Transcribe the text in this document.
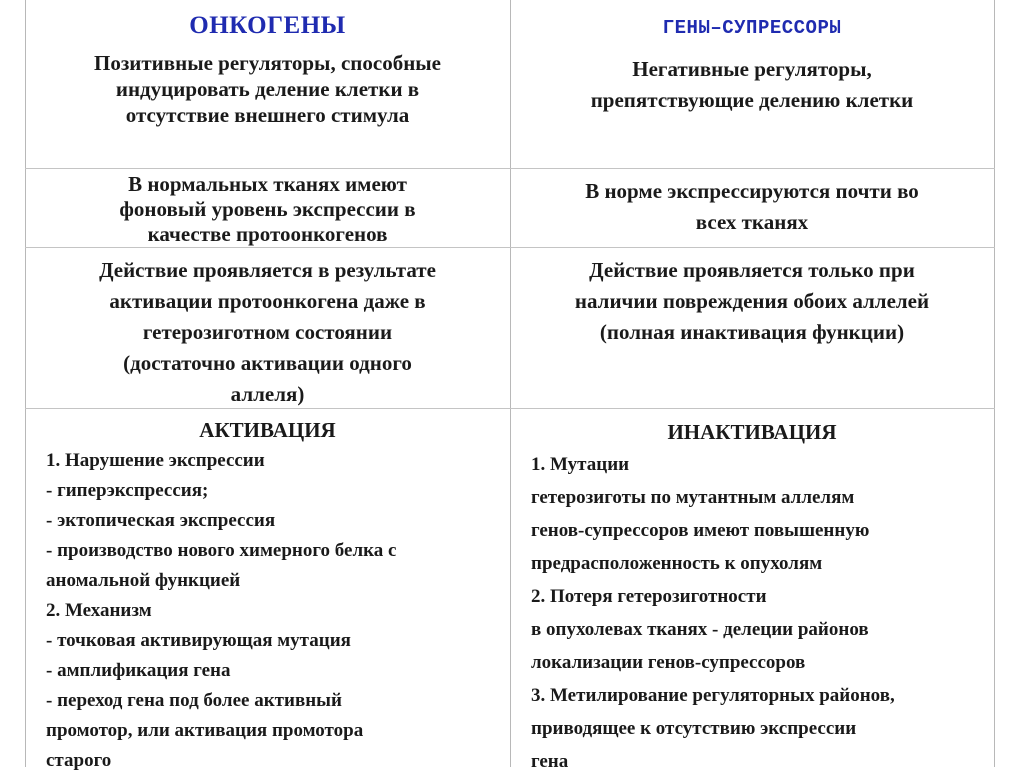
ОНКОГЕНЫ
Позитивные регуляторы, способные
индуцировать деление клетки в
отсутствие внешнего стимула
ГЕНЫ–СУПРЕССОРЫ
Негативные регуляторы,
препятствующие делению клетки
В нормальных тканях имеют
фоновый уровень экспрессии в
качестве протоонкогенов
В норме экспрессируются почти во
всех тканях
Действие проявляется в результате
активации протоонкогена даже в
гетерозиготном состоянии
(достаточно активации одного
аллеля)
Действие проявляется только при
наличии повреждения обоих аллелей
(полная инактивация функции)
АКТИВАЦИЯ
1. Нарушение экспрессии
- гиперэкспрессия;
- эктопическая экспрессия
- производство нового химерного белка с
аномальной функцией
2. Механизм
- точковая активирующая мутация
- амплификация гена
- переход гена под более активный
промотор, или активация промотора
старого
ИНАКТИВАЦИЯ
1. Мутации
гетерозиготы по мутантным аллелям
генов-супрессоров имеют повышенную
предрасположенность к опухолям
2. Потеря гетерозиготности
в опухолевах тканях - делеции районов
локализации генов-супрессоров
3. Метилирование регуляторных районов,
приводящее к отсутствию экспрессии
гена
